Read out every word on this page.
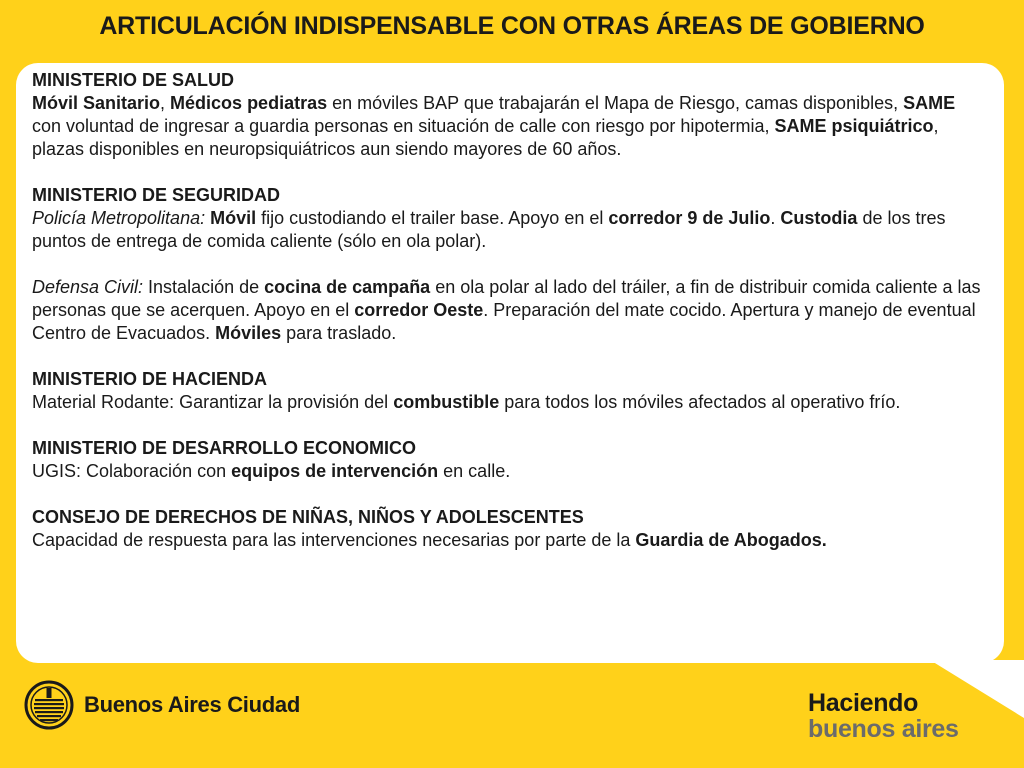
ARTICULACIÓN INDISPENSABLE CON OTRAS ÁREAS DE GOBIERNO
MINISTERIO DE SALUD

Móvil Sanitario, Médicos pediatras en móviles BAP que trabajarán el Mapa de Riesgo, camas disponibles, SAME con voluntad de ingresar a guardia personas en situación de calle con riesgo por hipotermia, SAME psiquiátrico, plazas disponibles en neuropsiquiátricos aun siendo mayores de 60 años.

MINISTERIO DE SEGURIDAD

Policía Metropolitana: Móvil fijo custodiando el trailer base. Apoyo en el corredor 9 de Julio. Custodia de los tres puntos de entrega de comida caliente (sólo en ola polar).

Defensa Civil: Instalación de cocina de campaña en ola polar al lado del tráiler, a fin de distribuir comida caliente a las personas que se acerquen. Apoyo en el corredor Oeste. Preparación del mate cocido. Apertura y manejo de eventual Centro de Evacuados. Móviles para traslado.

MINISTERIO DE HACIENDA

Material Rodante: Garantizar la provisión del combustible para todos los móviles afectados al operativo frío.

MINISTERIO DE DESARROLLO ECONOMICO

UGIS: Colaboración con equipos de intervención en calle.

CONSEJO DE DERECHOS DE NIÑAS, NIÑOS Y ADOLESCENTES

Capacidad de respuesta para las intervenciones necesarias por parte de la Guardia de Abogados.

Buenos Aires Ciudad	Haciendo
buenos aires
